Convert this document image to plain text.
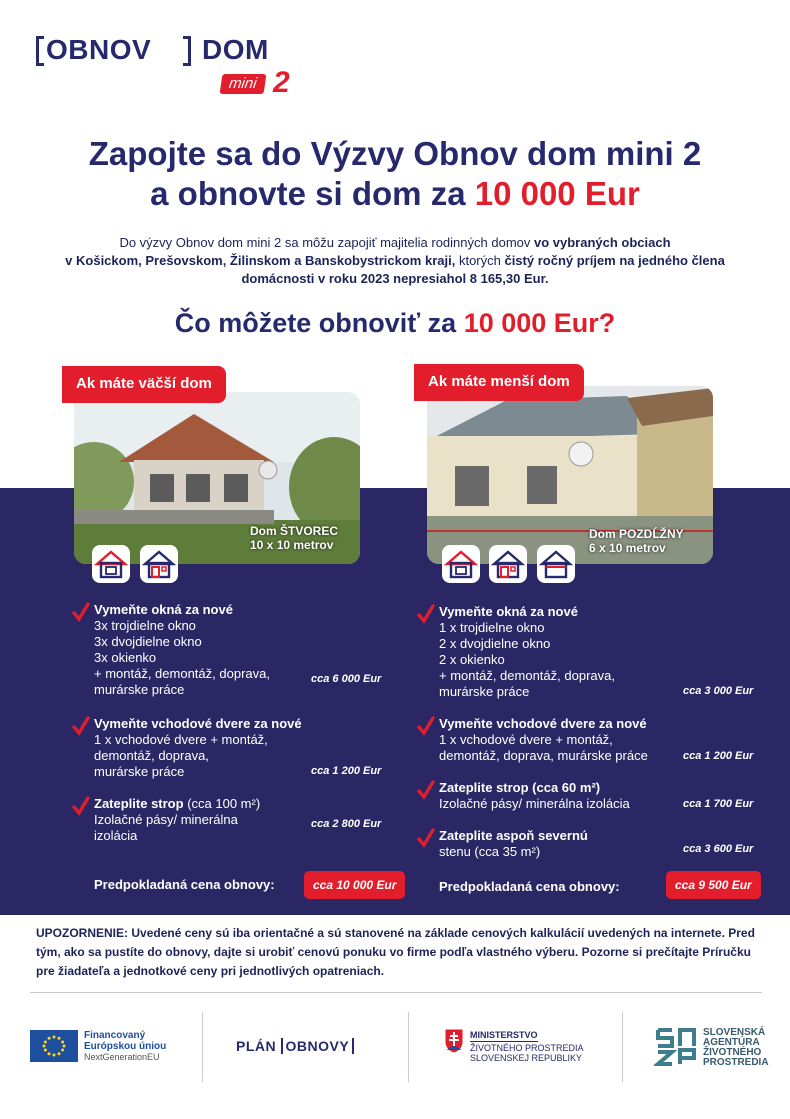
OBNOV DOM
mini 2
Zapojte sa do Výzvy Obnov dom mini 2
a obnovte si dom za 10 000 Eur
Do výzvy Obnov dom mini 2 sa môžu zapojiť majitelia rodinných domov vo vybraných obciach
v Košickom, Prešovskom, Žilinskom a Banskobystrickom kraji, ktorých čistý ročný príjem na jedného člena
domácnosti v roku 2023 nepresiahol 8 165,30 Eur.
Čo môžete obnoviť za 10 000 Eur?
Ak máte väčší dom
Dom ŠTVOREC
10 x 10 metrov
Ak máte menší dom
Dom POZDĹŽNY
6 x 10 metrov
Vymeňte okná za nové
3x trojdielne okno
3x dvojdielne okno
3x okienko
+ montáž, demontáž, doprava,
murárske práce
cca 6 000 Eur
Vymeňte vchodové dvere za nové
1 x vchodové dvere + montáž,
demontáž, doprava,
murárske práce	cca 1 200 Eur
Zateplite strop (cca 100 m²)
Izolačné pásy/ minerálna
izolácia
cca 2 800 Eur
Predpokladaná cena obnovy:	cca 10 000 Eur
Vymeňte okná za nové
1 x trojdielne okno
2 x dvojdielne okno
2 x okienko
+ montáž, demontáž, doprava,
murárske práce	cca 3 000 Eur
Vymeňte vchodové dvere za nové
1 x vchodové dvere + montáž,
demontáž, doprava, murárske práce	cca 1 200 Eur
Zateplite strop (cca 60 m²)
Izolačné pásy/ minerálna izolácia	cca 1 700 Eur
Zateplite aspoň severnú
stenu (cca 35 m²)	cca 3 600 Eur
Predpokladaná cena obnovy:	cca 9 500 Eur
UPOZORNENIE: Uvedené ceny sú iba orientačné a sú stanovené na základe cenových kalkulácií uvedených na internete. Pred tým, ako sa pustíte do obnovy, dajte si urobiť cenovú ponuku vo firme podľa vlastného výberu. Pozorne si prečítajte Príručku pre žiadateľa a jednotkové ceny pri jednotlivých opatreniach.
Financovaný
Európskou úniou
NextGenerationEU
PLÁN OBNOVY
MINISTERSTVO
ŽIVOTNÉHO PROSTREDIA
SLOVENSKEJ REPUBLIKY
SLOVENSKÁ
AGENTÚRA
ŽIVOTNÉHO
PROSTREDIA
